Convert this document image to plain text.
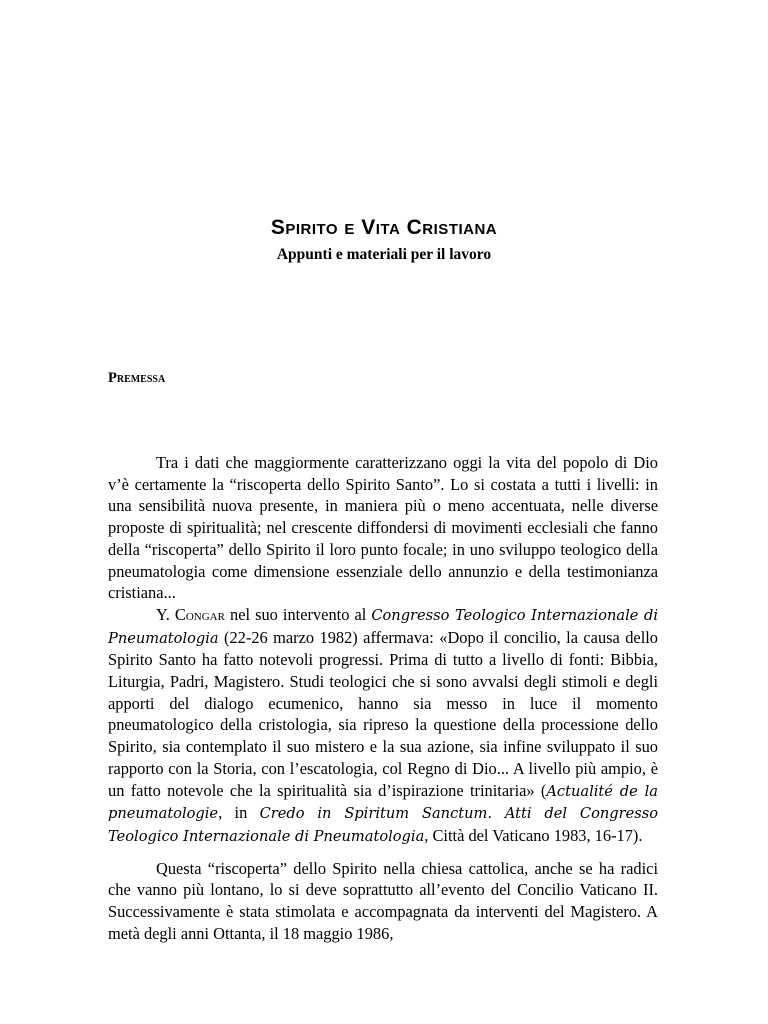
Spirito e Vita Cristiana
Appunti e materiali per il lavoro
Premessa

Tra i dati che maggiormente caratterizzano oggi la vita del popolo di Dio v’è certamente la “riscoperta dello Spirito Santo”. Lo si costata a tutti i livelli: in una sensibilità nuova presente, in maniera più o meno accentuata, nelle diverse proposte di spiritualità; nel crescente diffondersi di movimenti ecclesiali che fanno della “riscoperta” dello Spirito il loro punto focale; in uno sviluppo teologico della pneumatologia come dimensione essenziale dello annunzio e della testimonianza cristiana...

Y. Congar nel suo intervento al Congresso Teologico Internazionale di Pneumatologia (22-26 marzo 1982) affermava: «Dopo il concilio, la causa dello Spirito Santo ha fatto notevoli progressi. Prima di tutto a livello di fonti: Bibbia, Liturgia, Padri, Magistero. Studi teologici che si sono avvalsi degli stimoli e degli apporti del dialogo ecumenico, hanno sia messo in luce il momento pneumatologico della cristologia, sia ripreso la questione della processione dello Spirito, sia contemplato il suo mistero e la sua azione, sia infine sviluppato il suo rapporto con la Storia, con l’escatologia, col Regno di Dio... A livello più ampio, è un fatto notevole che la spiritualità sia d’ispirazione trinitaria» (Actualité de la pneumatologie, in Credo in Spiritum Sanctum. Atti del Congresso Teologico Internazionale di Pneumatologia, Città del Vaticano 1983, 16-17).

Questa “riscoperta” dello Spirito nella chiesa cattolica, anche se ha radici che vanno più lontano, lo si deve soprattutto all’evento del Concilio Vaticano II. Successivamente è stata stimolata e accompagnata da interventi del Magistero. A metà degli anni Ottanta, il 18 maggio 1986,
